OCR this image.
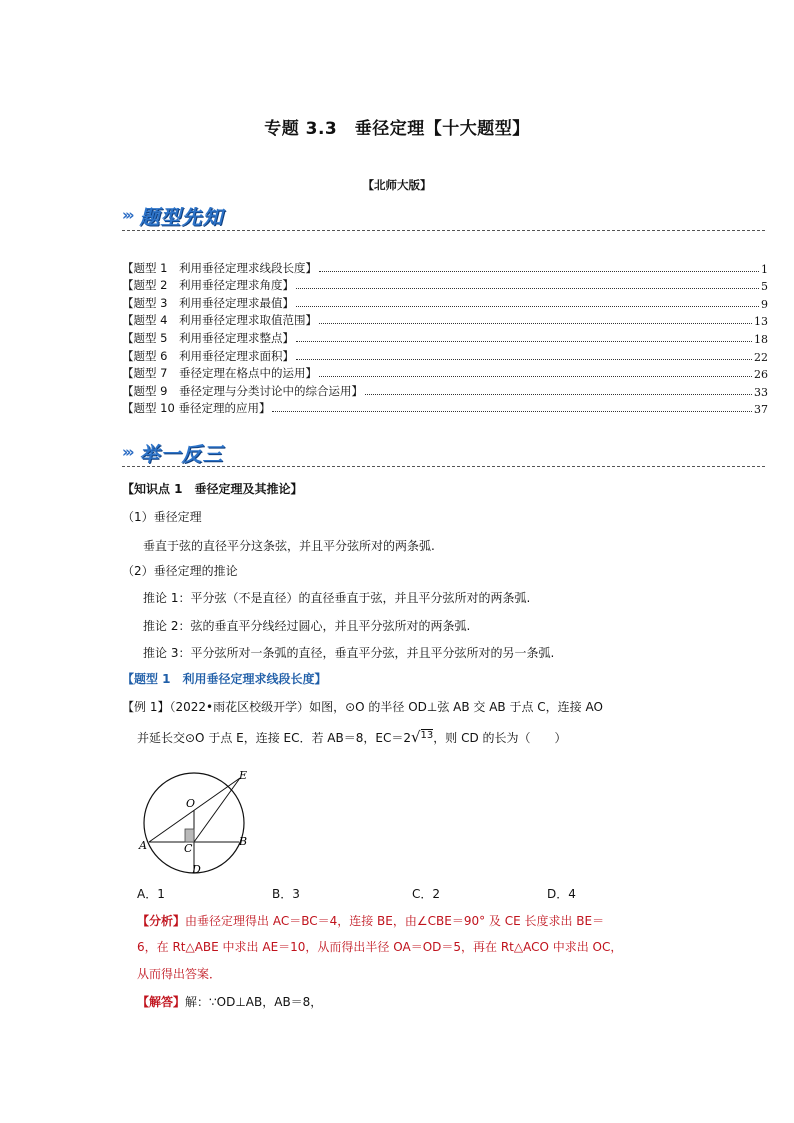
专题 3.3　垂径定理【十大题型】
【北师大版】
››› 题型先知
【题型 1　利用垂径定理求线段长度】	1
【题型 2　利用垂径定理求角度】	5
【题型 3　利用垂径定理求最值】	9
【题型 4　利用垂径定理求取值范围】	13
【题型 5　利用垂径定理求整点】	18
【题型 6　利用垂径定理求面积】	22
【题型 7　垂径定理在格点中的运用】	26
【题型 9　垂径定理与分类讨论中的综合运用】	33
【题型 10 垂径定理的应用】	37
››› 举一反三
【知识点 1　垂径定理及其推论】
（1）垂径定理
垂直于弦的直径平分这条弦，并且平分弦所对的两条弧.
（2）垂径定理的推论
推论 1：平分弦（不是直径）的直径垂直于弦，并且平分弦所对的两条弧.
推论 2：弦的垂直平分线经过圆心，并且平分弦所对的两条弧.
推论 3：平分弦所对一条弧的直径，垂直平分弦，并且平分弦所对的另一条弧.
【题型 1　利用垂径定理求线段长度】
【例 1】（2022•雨花区校级开学）如图，⊙O 的半径 OD⊥弦 AB 交 AB 于点 C，连接 AO
并延长交⊙O 于点 E，连接 EC．若 AB＝8，EC＝2√$^{13}$，则 CD 的长为（　　）
E
O
A	C
B
D
A．1	B．3	C．2	D．4
【分析】由垂径定理得出 AC＝BC＝4，连接 BE，由∠CBE＝90° 及 CE 长度求出 BE＝
6，在 Rt△ABE 中求出 AE＝10，从而得出半径 OA＝OD＝5，再在 Rt△ACO 中求出 OC，
从而得出答案．
【解答】解：∵OD⊥AB，AB＝8，
